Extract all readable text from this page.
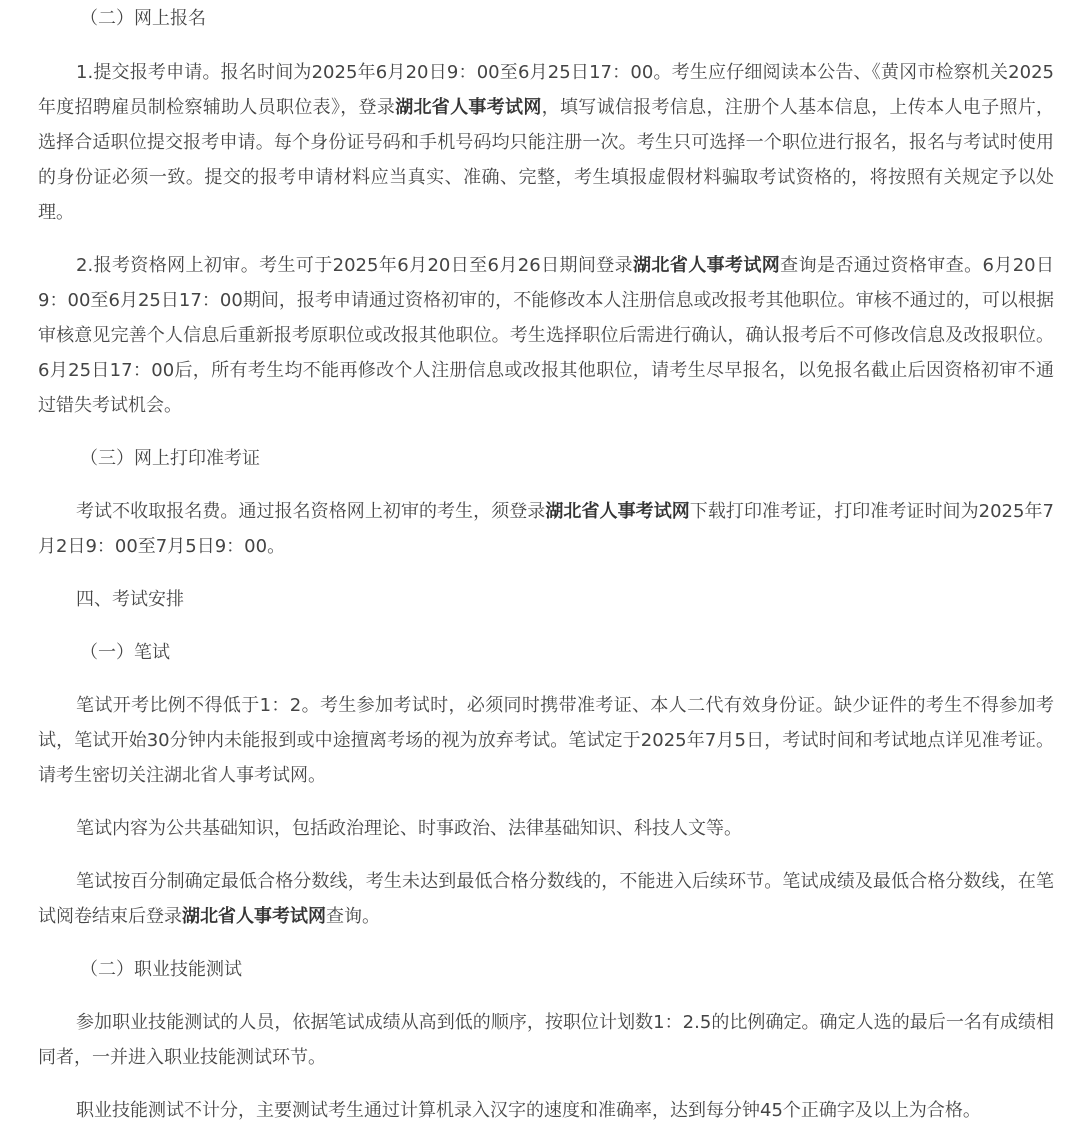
（二）网上报名

1.提交报考申请。报名时间为2025年6月20日9：00至6月25日17：00。考生应仔细阅读本公告、《黄冈市检察机关2025年度招聘雇员制检察辅助人员职位表》，登录湖北省人事考试网，填写诚信报考信息，注册个人基本信息，上传本人电子照片，选择合适职位提交报考申请。每个身份证号码和手机号码均只能注册一次。考生只可选择一个职位进行报名，报名与考试时使用的身份证必须一致。提交的报考申请材料应当真实、准确、完整，考生填报虚假材料骗取考试资格的，将按照有关规定予以处理。

2.报考资格网上初审。考生可于2025年6月20日至6月26日期间登录湖北省人事考试网查询是否通过资格审查。6月20日9：00至6月25日17：00期间，报考申请通过资格初审的，不能修改本人注册信息或改报考其他职位。审核不通过的，可以根据审核意见完善个人信息后重新报考原职位或改报其他职位。考生选择职位后需进行确认，确认报考后不可修改信息及改报职位。6月25日17：00后，所有考生均不能再修改个人注册信息或改报其他职位，请考生尽早报名，以免报名截止后因资格初审不通过错失考试机会。

（三）网上打印准考证

考试不收取报名费。通过报名资格网上初审的考生，须登录湖北省人事考试网下载打印准考证，打印准考证时间为2025年7月2日9：00至7月5日9：00。

四、考试安排

（一）笔试

笔试开考比例不得低于1：2。考生参加考试时，必须同时携带准考证、本人二代有效身份证。缺少证件的考生不得参加考试，笔试开始30分钟内未能报到或中途擅离考场的视为放弃考试。笔试定于2025年7月5日，考试时间和考试地点详见准考证。请考生密切关注湖北省人事考试网。

笔试内容为公共基础知识，包括政治理论、时事政治、法律基础知识、科技人文等。

笔试按百分制确定最低合格分数线，考生未达到最低合格分数线的，不能进入后续环节。笔试成绩及最低合格分数线，在笔试阅卷结束后登录湖北省人事考试网查询。

（二）职业技能测试

参加职业技能测试的人员，依据笔试成绩从高到低的顺序，按职位计划数1：2.5的比例确定。确定人选的最后一名有成绩相同者，一并进入职业技能测试环节。

职业技能测试不计分，主要测试考生通过计算机录入汉字的速度和准确率，达到每分钟45个正确字及以上为合格。
